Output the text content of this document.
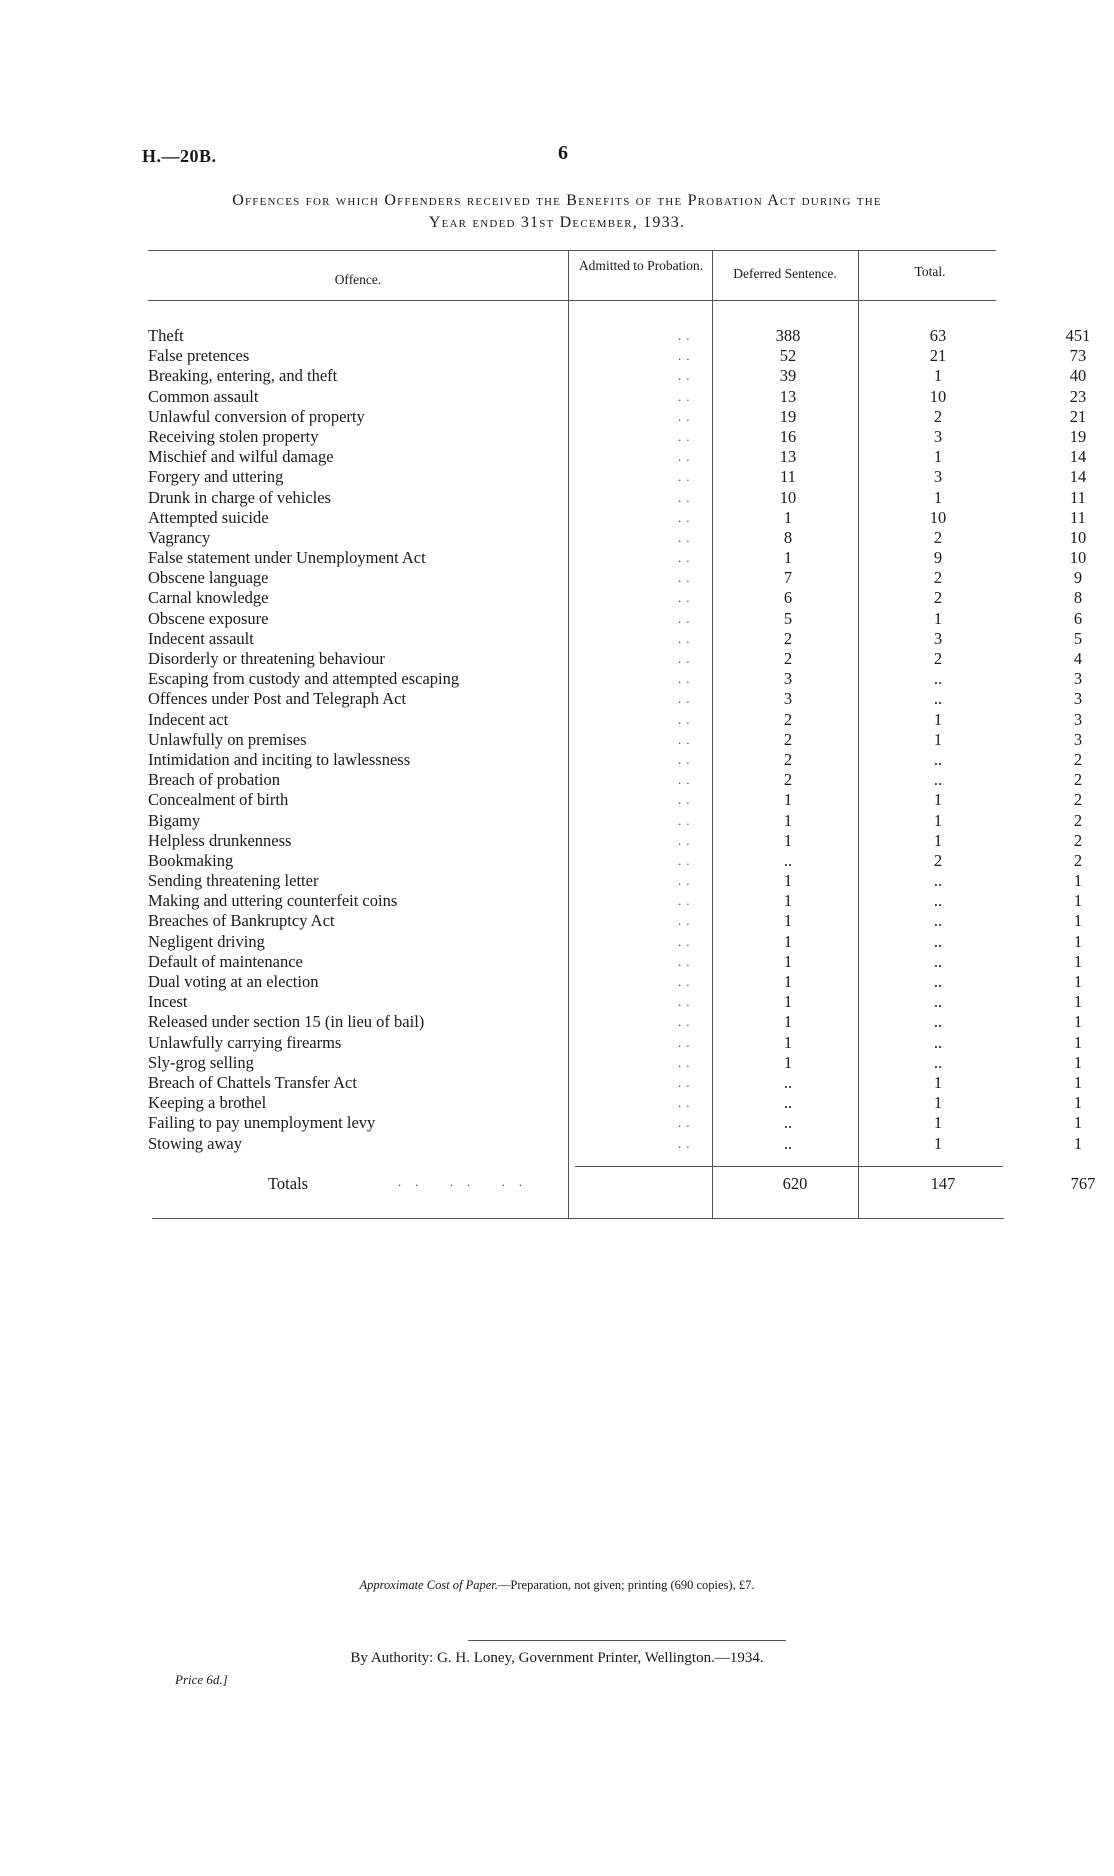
H.—20B.	6
Offences for which Offenders received the Benefits of the Probation Act during the
Year ended 31st December, 1933.
Offence.
Admitted to Probation.
Deferred Sentence.	Total.
Theft	..	388	63	451
False pretences	..	52	21	73
Breaking, entering, and theft	..	39	1	40
Common assault	..	13	10	23
Unlawful conversion of property	..	19	2	21
Receiving stolen property	..	16	3	19
Mischief and wilful damage	..	13	1	14
Forgery and uttering	..	11	3	14
Drunk in charge of vehicles	..	10	1	11
Attempted suicide	..	1	10	11
Vagrancy	..	8	2	10
False statement under Unemployment Act	..	1	9	10
Obscene language	..	7	2	9
Carnal knowledge	..	6	2	8
Obscene exposure	..	5	1	6
Indecent assault	..	2	3	5
Disorderly or threatening behaviour	..	2	2	4
Escaping from custody and attempted escaping	..	3	..	3
Offences under Post and Telegraph Act	..	3	..	3
Indecent act	..	2	1	3
Unlawfully on premises	..	2	1	3
Intimidation and inciting to lawlessness	..	2	..	2
Breach of probation	..	2	..	2
Concealment of birth	..	1	1	2
Bigamy	..	1	1	2
Helpless drunkenness	..	1	1	2
Bookmaking	..	..	2	2
Sending threatening letter	..	1	..	1
Making and uttering counterfeit coins	..	1	..	1
Breaches of Bankruptcy Act	..	1	..	1
Negligent driving	..	1	..	1
Default of maintenance	..	1	..	1
Dual voting at an election	..	1	..	1
Incest	..	1	..	1
Released under section 15 (in lieu of bail)	..	1	..	1
Unlawfully carrying firearms	..	1	..	1
Sly-grog selling	..	1	..	1
Breach of Chattels Transfer Act	..	..	1	1
Keeping a brothel	..	..	1	1
Failing to pay unemployment levy	..	..	1	1
Stowing away	..	..	1	1
Totals	.. .. ..	620	147	767
Approximate Cost of Paper.—Preparation, not given; printing (690 copies), £7.
By Authority: G. H. Loney, Government Printer, Wellington.—1934.
Price 6d.]
